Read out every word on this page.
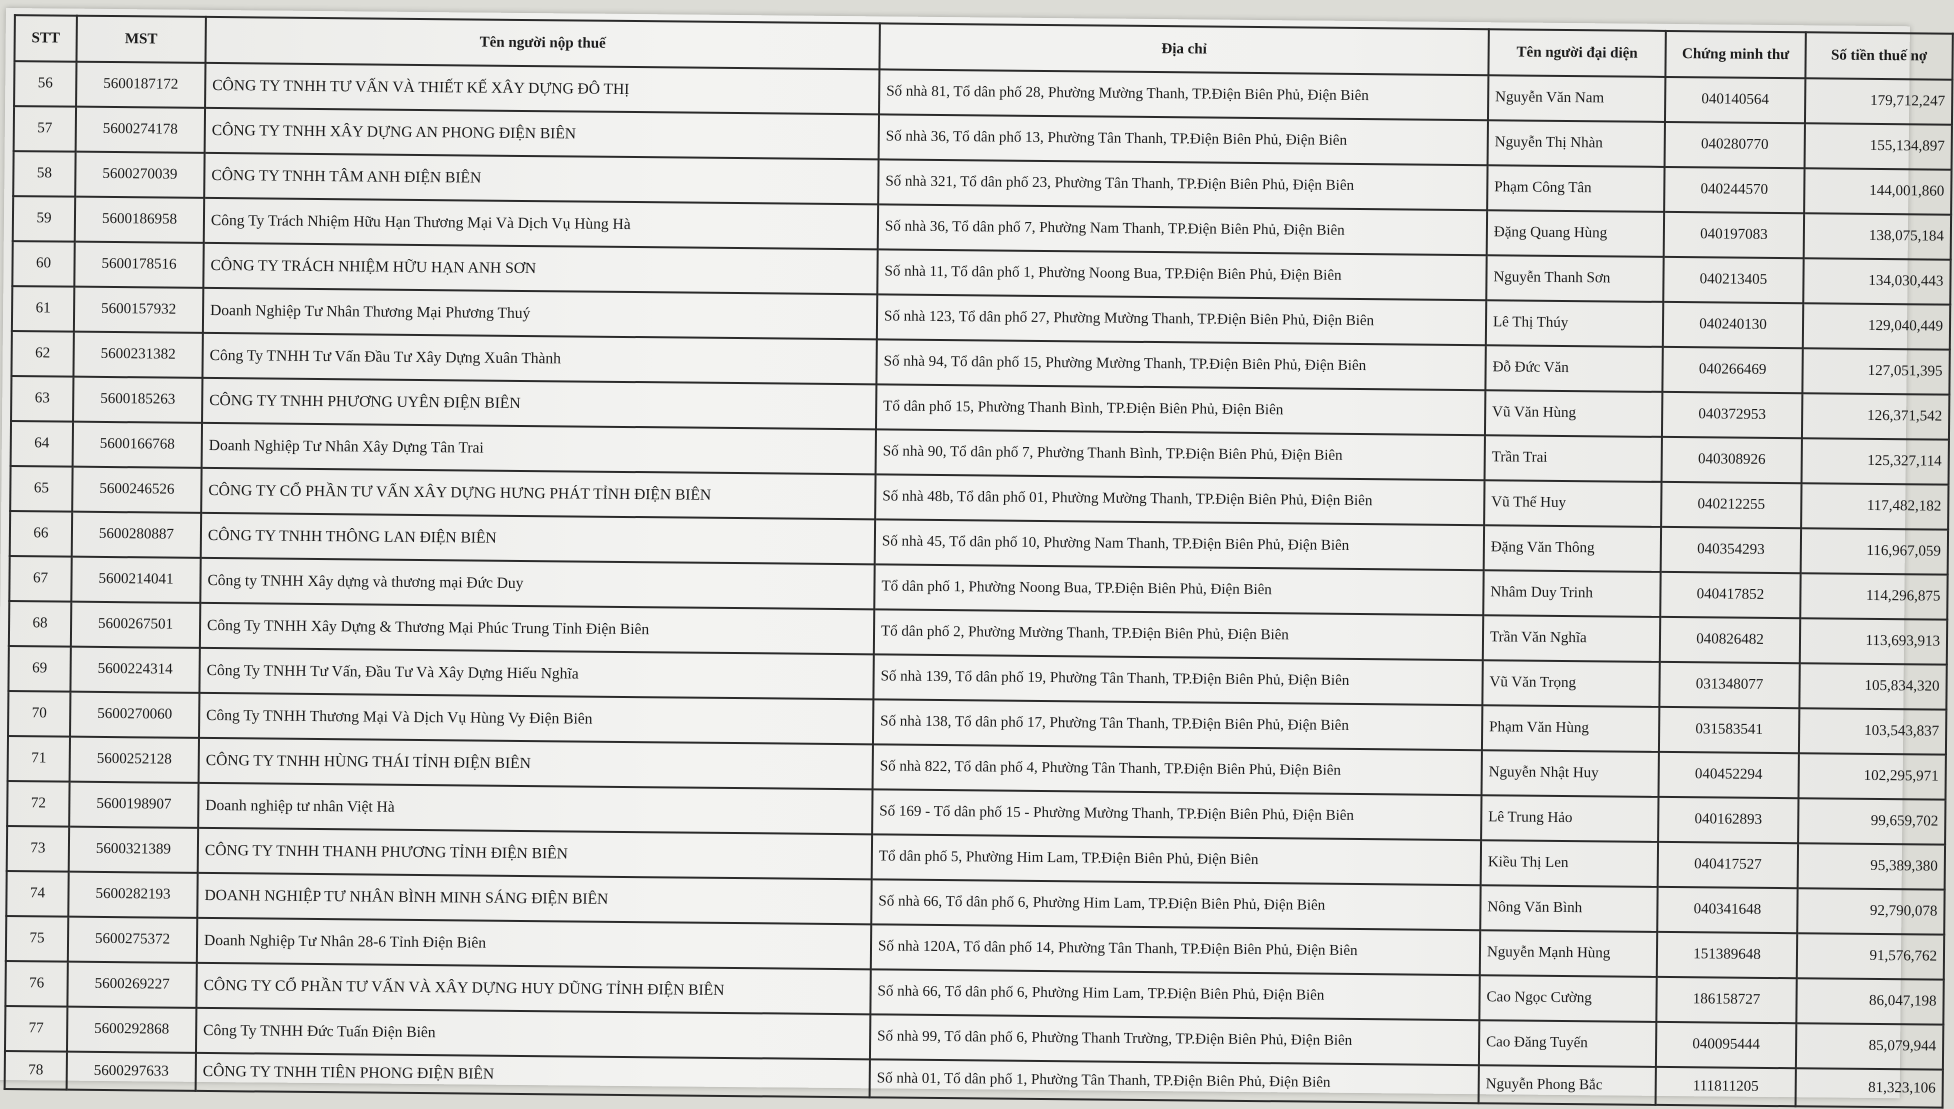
STT	MST	Tên người nộp thuế	Địa chỉ	Tên người đại diện	Chứng minh thư	Số tiền thuế nợ
56	5600187172	CÔNG TY TNHH TƯ VẤN VÀ THIẾT KẾ XÂY DỰNG ĐÔ THỊ	Số nhà 81, Tổ dân phố 28, Phường Mường Thanh, TP.Điện Biên Phủ, Điện Biên	Nguyễn Văn Nam	040140564	179,712,247
57	5600274178	CÔNG TY TNHH XÂY DỰNG AN PHONG ĐIỆN BIÊN	Số nhà 36, Tổ dân phố 13, Phường Tân Thanh, TP.Điện Biên Phủ, Điện Biên	Nguyễn Thị Nhàn	040280770	155,134,897
58	5600270039	CÔNG TY TNHH TÂM ANH ĐIỆN BIÊN	Số nhà 321, Tổ dân phố 23, Phường Tân Thanh, TP.Điện Biên Phủ, Điện Biên	Phạm Công Tân	040244570	144,001,860
59	5600186958	Công Ty Trách Nhiệm Hữu Hạn Thương Mại Và Dịch Vụ Hùng Hà	Số nhà 36, Tổ dân phố 7, Phường Nam Thanh, TP.Điện Biên Phủ, Điện Biên	Đặng Quang Hùng	040197083	138,075,184
60	5600178516	CÔNG TY TRÁCH NHIỆM HỮU HẠN ANH SƠN	Số nhà 11, Tổ dân phố 1, Phường Noong Bua, TP.Điện Biên Phủ, Điện Biên	Nguyễn Thanh Sơn	040213405	134,030,443
61	5600157932	Doanh Nghiệp Tư Nhân Thương Mại Phương Thuý	Số nhà 123, Tổ dân phố 27, Phường Mường Thanh, TP.Điện Biên Phủ, Điện Biên	Lê Thị Thúy	040240130	129,040,449
62	5600231382	Công Ty TNHH Tư Vấn Đầu Tư Xây Dựng Xuân Thành	Số nhà 94, Tổ dân phố 15, Phường Mường Thanh, TP.Điện Biên Phủ, Điện Biên	Đỗ Đức Văn	040266469	127,051,395
63	5600185263	CÔNG TY TNHH PHƯƠNG UYÊN ĐIỆN BIÊN	Tổ dân phố 15, Phường Thanh Bình, TP.Điện Biên Phủ, Điện Biên	Vũ Văn Hùng	040372953	126,371,542
64	5600166768	Doanh Nghiệp Tư Nhân Xây Dựng Tân Trai	Số nhà 90, Tổ dân phố 7, Phường Thanh Bình, TP.Điện Biên Phủ, Điện Biên	Trần Trai	040308926	125,327,114
65	5600246526	CÔNG TY CỔ PHẦN TƯ VẤN XÂY DỰNG HƯNG PHÁT TỈNH ĐIỆN BIÊN	Số nhà 48b, Tổ dân phố 01, Phường Mường Thanh, TP.Điện Biên Phủ, Điện Biên	Vũ Thế Huy	040212255	117,482,182
66	5600280887	CÔNG TY TNHH THÔNG LAN ĐIỆN BIÊN	Số nhà 45, Tổ dân phố 10, Phường Nam Thanh, TP.Điện Biên Phủ, Điện Biên	Đặng Văn Thông	040354293	116,967,059
67	5600214041	Công ty TNHH Xây dựng và thương mại Đức Duy	Tổ dân phố 1, Phường Noong Bua, TP.Điện Biên Phủ, Điện Biên	Nhâm Duy Trinh	040417852	114,296,875
68	5600267501	Công Ty TNHH Xây Dựng & Thương Mại Phúc Trung Tỉnh Điện Biên	Tổ dân phố 2, Phường Mường Thanh, TP.Điện Biên Phủ, Điện Biên	Trần Văn Nghĩa	040826482	113,693,913
69	5600224314	Công Ty TNHH Tư Vấn, Đầu Tư Và Xây Dựng Hiếu Nghĩa	Số nhà 139, Tổ dân phố 19, Phường Tân Thanh, TP.Điện Biên Phủ, Điện Biên	Vũ Văn Trọng	031348077	105,834,320
70	5600270060	Công Ty TNHH Thương Mại Và Dịch Vụ Hùng Vy Điện Biên	Số nhà 138, Tổ dân phố 17, Phường Tân Thanh, TP.Điện Biên Phủ, Điện Biên	Phạm Văn Hùng	031583541	103,543,837
71	5600252128	CÔNG TY TNHH HÙNG THÁI TỈNH ĐIỆN BIÊN	Số nhà 822, Tổ dân phố 4, Phường Tân Thanh, TP.Điện Biên Phủ, Điện Biên	Nguyễn Nhật Huy	040452294	102,295,971
72	5600198907	Doanh nghiệp tư nhân Việt Hà	Số 169 - Tổ dân phố 15 - Phường Mường Thanh, TP.Điện Biên Phủ, Điện Biên	Lê Trung Hảo	040162893	99,659,702
73	5600321389	CÔNG TY TNHH THANH PHƯƠNG TỈNH ĐIỆN BIÊN	Tổ dân phố 5, Phường Him Lam, TP.Điện Biên Phủ, Điện Biên	Kiều Thị Len	040417527	95,389,380
74	5600282193	DOANH NGHIỆP TƯ NHÂN BÌNH MINH SÁNG ĐIỆN BIÊN	Số nhà 66, Tổ dân phố 6, Phường Him Lam, TP.Điện Biên Phủ, Điện Biên	Nông Văn Bình	040341648	92,790,078
75	5600275372	Doanh Nghiệp Tư Nhân 28-6 Tỉnh Điện Biên	Số nhà 120A, Tổ dân phố 14, Phường Tân Thanh, TP.Điện Biên Phủ, Điện Biên	Nguyễn Mạnh Hùng	151389648	91,576,762
76	5600269227	CÔNG TY CỔ PHẦN TƯ VẤN VÀ XÂY DỰNG HUY DŨNG TỈNH ĐIỆN BIÊN	Số nhà 66, Tổ dân phố 6, Phường Him Lam, TP.Điện Biên Phủ, Điện Biên	Cao Ngọc Cường	186158727	86,047,198
77	5600292868	Công Ty TNHH Đức Tuấn Điện Biên	Số nhà 99, Tổ dân phố 6, Phường Thanh Trường, TP.Điện Biên Phủ, Điện Biên	Cao Đăng Tuyến	040095444	85,079,944
78	5600297633	CÔNG TY TNHH TIÊN PHONG ĐIỆN BIÊN	Số nhà 01, Tổ dân phố 1, Phường Tân Thanh, TP.Điện Biên Phủ, Điện Biên	Nguyễn Phong Bắc	111811205	81,323,106
